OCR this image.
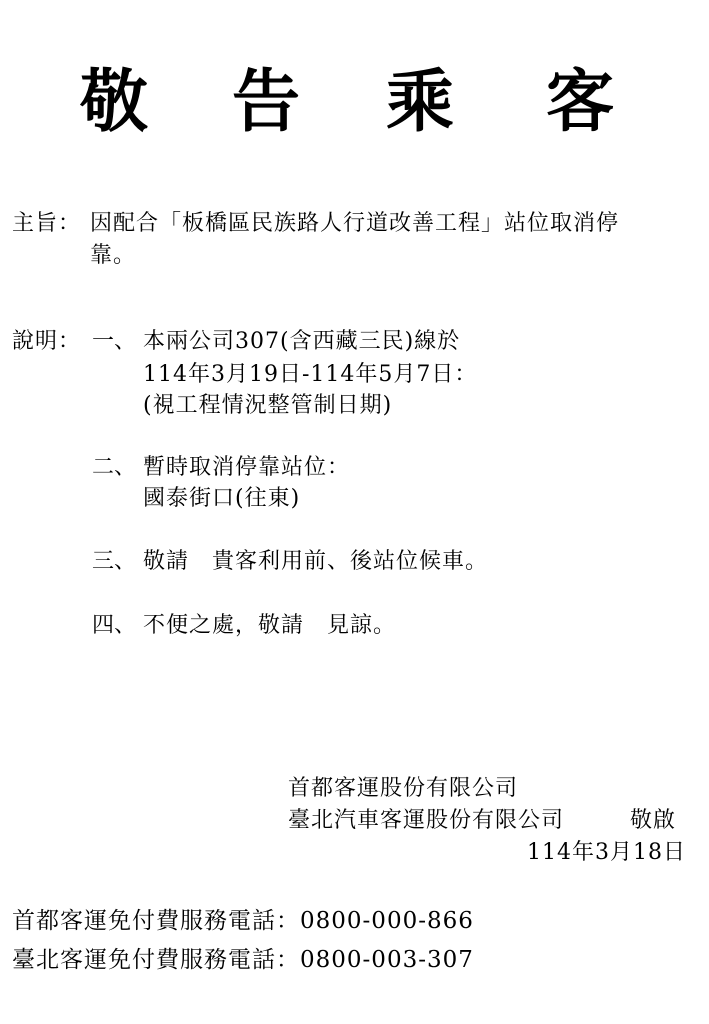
敬 告 乘 客
主旨： 因配合「板橋區民族路人行道改善工程」站位取消停
靠。
說明： 一、 本兩公司307(含西藏三民)線於
114年3月19日-114年5月7日：
(視工程情況整管制日期)
二、 暫時取消停靠站位：
國泰街口(往東)
三、 敬請　貴客利用前、後站位候車。
四、 不便之處，敬請　見諒。
首都客運股份有限公司
臺北汽車客運股份有限公司	敬啟
114年3月18日
首都客運免付費服務電話：0800-000-866
臺北客運免付費服務電話：0800-003-307
